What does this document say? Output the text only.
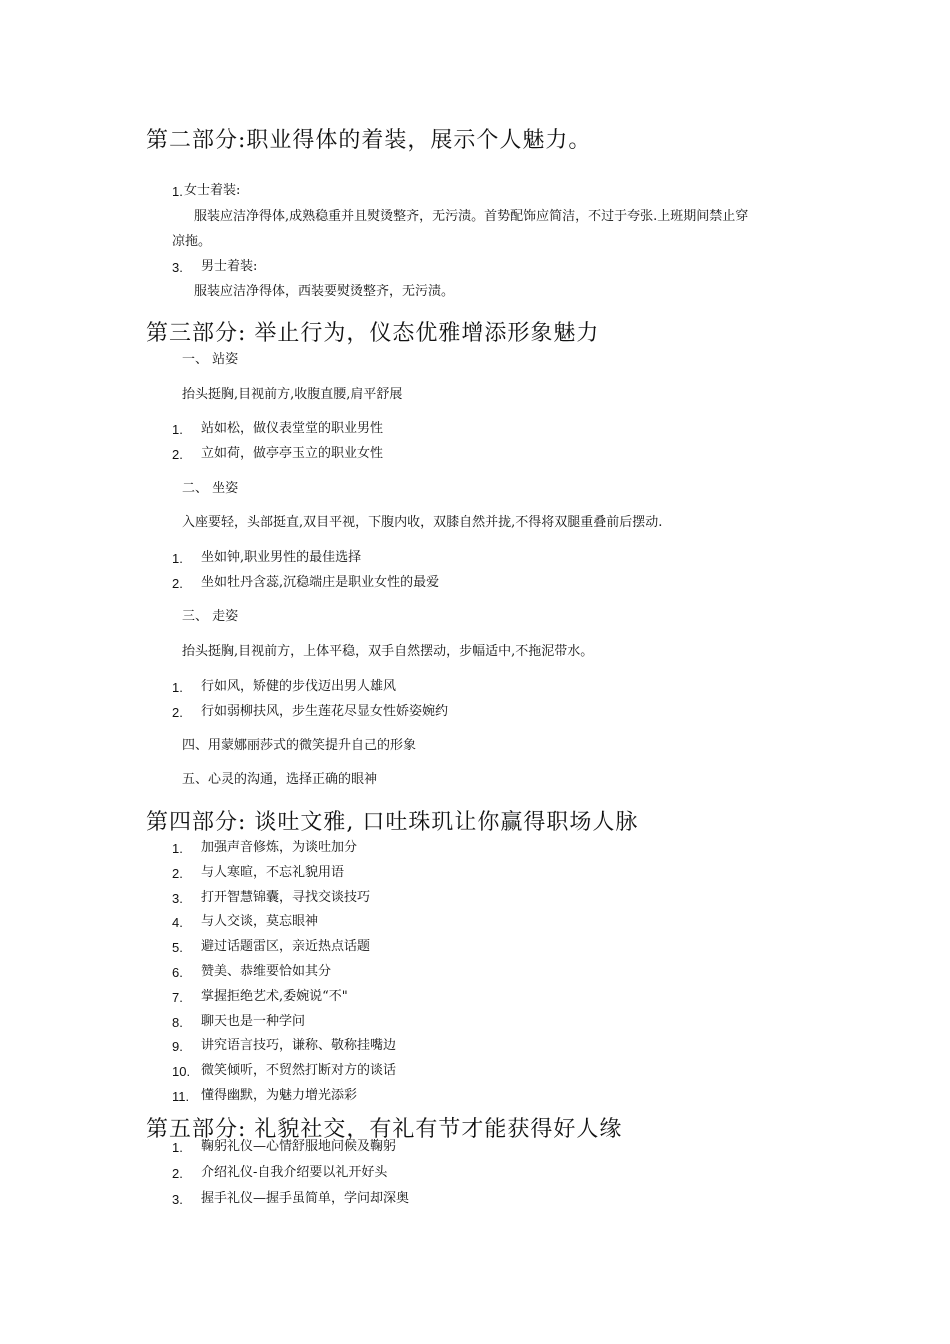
第二部分:职业得体的着装，展示个人魅力。
1. 女士着装:
服装应洁净得体,成熟稳重并且熨烫整齐，无污渍。首势配饰应简洁，不过于夸张.上班期间禁止穿
凉拖。
3. 男士着装:
服装应洁净得体，西装要熨烫整齐，无污渍。
第三部分: 举止行为，仪态优雅增添形象魅力
一、 站姿
抬头挺胸,目视前方,收腹直腰,肩平舒展
1. 站如松，做仪表堂堂的职业男性
2. 立如荷，做亭亭玉立的职业女性
二、 坐姿
入座要轻，头部挺直,双目平视，下腹内收，双膝自然并拢,不得将双腿重叠前后摆动.
1. 坐如钟,职业男性的最佳选择
2. 坐如牡丹含蕊,沉稳端庄是职业女性的最爱
三、 走姿
抬头挺胸,目视前方，上体平稳，双手自然摆动，步幅适中,不拖泥带水。
1. 行如风，矫健的步伐迈出男人雄风
2. 行如弱柳扶风，步生莲花尽显女性娇姿婉约
四、用蒙娜丽莎式的微笑提升自己的形象
五、心灵的沟通，选择正确的眼神
第四部分: 谈吐文雅, 口吐珠玑让你赢得职场人脉
1. 加强声音修炼，为谈吐加分
2. 与人寒暄，不忘礼貌用语
3. 打开智慧锦囊，寻找交谈技巧
4. 与人交谈，莫忘眼神
5. 避过话题雷区，亲近热点话题
6. 赞美、恭维要恰如其分
7. 掌握拒绝艺术,委婉说“不"
8. 聊天也是一种学问
9. 讲究语言技巧，谦称、敬称挂嘴边
10. 微笑倾听，不贸然打断对方的谈话
11. 懂得幽默，为魅力增光添彩
第五部分: 礼貌社交，有礼有节才能获得好人缘
1. 鞠躬礼仪—心情舒服地问候及鞠躬
2. 介绍礼仪-自我介绍要以礼开好头
3. 握手礼仪—握手虽简单，学问却深奥
